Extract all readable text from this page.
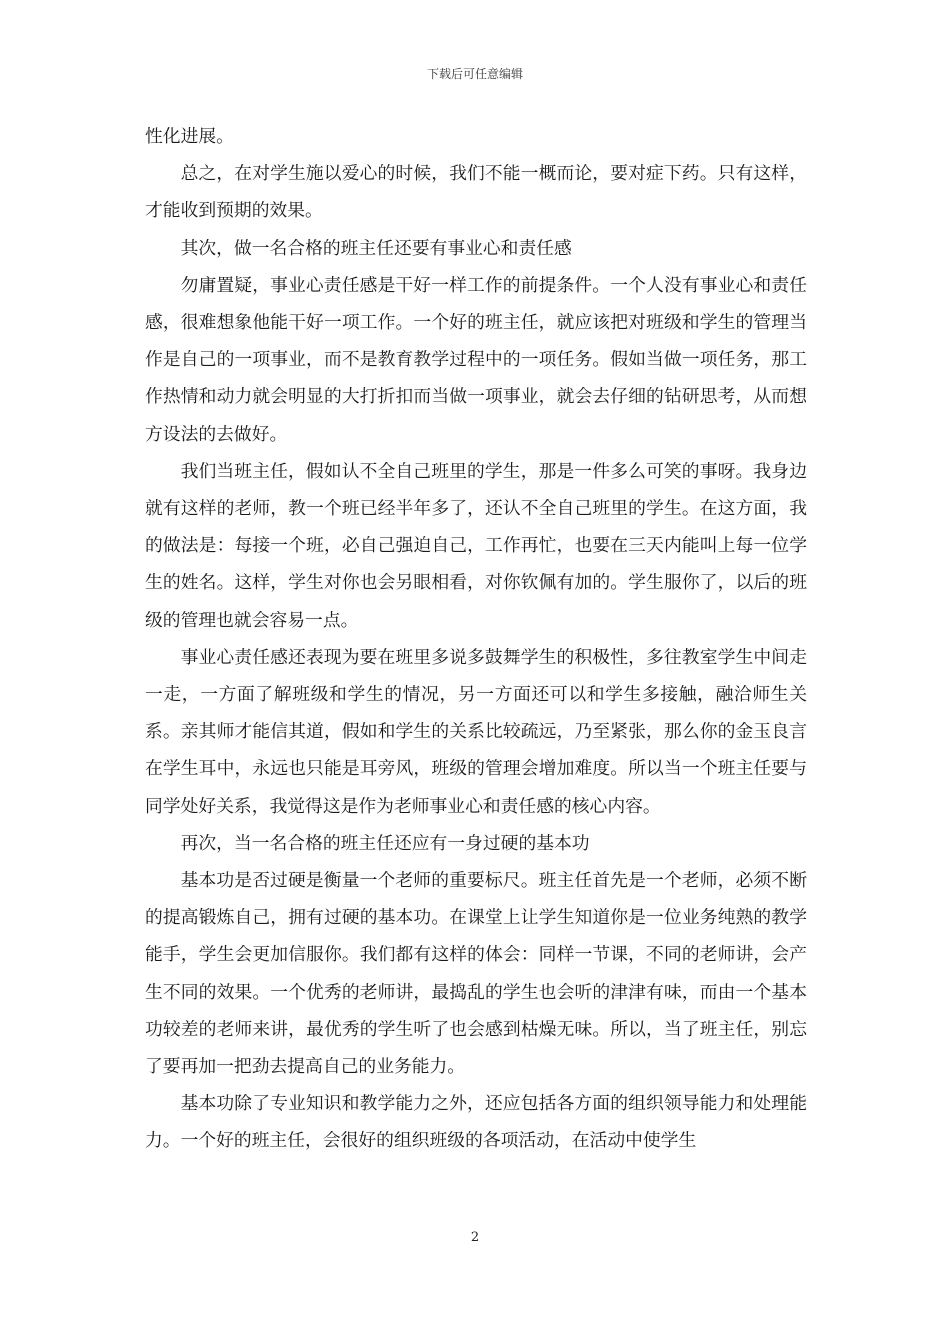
下载后可任意编辑

性化进展。

总之，在对学生施以爱心的时候，我们不能一概而论，要对症下药。只有这样，才能收到预期的效果。

其次，做一名合格的班主任还要有事业心和责任感

勿庸置疑，事业心责任感是干好一样工作的前提条件。一个人没有事业心和责任感，很难想象他能干好一项工作。一个好的班主任，就应该把对班级和学生的管理当作是自己的一项事业，而不是教育教学过程中的一项任务。假如当做一项任务，那工作热情和动力就会明显的大打折扣而当做一项事业，就会去仔细的钻研思考，从而想方设法的去做好。

我们当班主任，假如认不全自己班里的学生，那是一件多么可笑的事呀。我身边就有这样的老师，教一个班已经半年多了，还认不全自己班里的学生。在这方面，我的做法是：每接一个班，必自己强迫自己，工作再忙，也要在三天内能叫上每一位学生的姓名。这样，学生对你也会另眼相看，对你钦佩有加的。学生服你了，以后的班级的管理也就会容易一点。

事业心责任感还表现为要在班里多说多鼓舞学生的积极性，多往教室学生中间走一走，一方面了解班级和学生的情况，另一方面还可以和学生多接触，融洽师生关系。亲其师才能信其道，假如和学生的关系比较疏远，乃至紧张，那么你的金玉良言在学生耳中，永远也只能是耳旁风，班级的管理会增加难度。所以当一个班主任要与同学处好关系，我觉得这是作为老师事业心和责任感的核心内容。

再次，当一名合格的班主任还应有一身过硬的基本功

基本功是否过硬是衡量一个老师的重要标尺。班主任首先是一个老师，必须不断的提高锻炼自己，拥有过硬的基本功。在课堂上让学生知道你是一位业务纯熟的教学能手，学生会更加信服你。我们都有这样的体会：同样一节课，不同的老师讲，会产生不同的效果。一个优秀的老师讲，最捣乱的学生也会听的津津有味，而由一个基本功较差的老师来讲，最优秀的学生听了也会感到枯燥无味。所以，当了班主任，别忘了要再加一把劲去提高自己的业务能力。

基本功除了专业知识和教学能力之外，还应包括各方面的组织领导能力和处理能力。一个好的班主任，会很好的组织班级的各项活动，在活动中使学生

2
